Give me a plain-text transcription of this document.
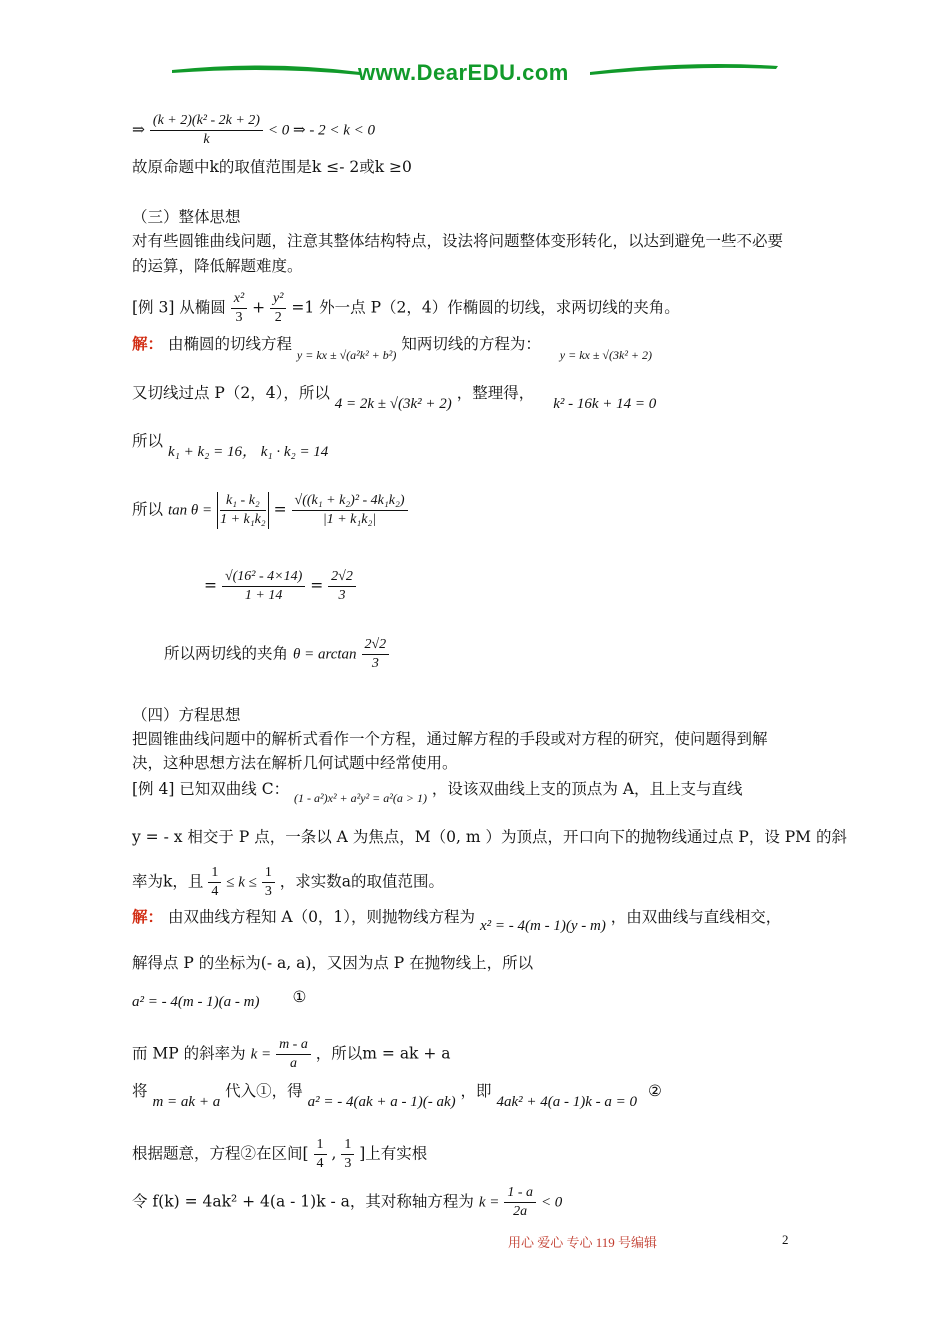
www.DearEDU.com
⇒ $\frac{\text{(k + 2)(k² - 2k + 2)}}{k} < 0$ ⇒ - 2 < k < 0
故原命题中k的取值范围是k ≤- 2或k ≥0
（三）整体思想
对有些圆锥曲线问题，注意其整体结构特点，设法将问题整体变形转化，以达到避免一些不必要
的运算，降低解题难度。
[例 3] 从椭圆 $\frac{\text{x²}}{3} + \frac{\text{y²}}{2} =1$ 外一点 P（2，4）作椭圆的切线，求两切线的夹角。
解： 由椭圆的切线方程 $_{y = kx \pm √(a^2k^2 + b^2)}$ 知两切线的方程为： $_{y = kx \pm √(3k^2 + 2)}$
又切线过点 P（2，4），所以 4 = 2k ± √(3k² + 2) ，整理得， k² - 16k + 14 = 0
所以 k₁ + k₂ = 16， k₁ · k₂ = 14
所以 $\tan \theta = \frac{\text{k₁ - k₂}}{\text{1 + k₁k₂}} = \frac{\text{√((k₁ + k₂)² - 4k₁k₂)}}{\text{|1 + k₁k₂|}}$
= $\frac{\text{√(16² - 4×14)}}{1 + 14} = \frac{2√2}{3}$
所以两切线的夹角 $\theta = \arctan \frac{2√2}{3}$
（四）方程思想
把圆锥曲线问题中的解析式看作一个方程，通过解方程的手段或对方程的研究，使问题得到解
决，这种思想方法在解析几何试题中经常使用。
[例 4] 已知双曲线 C： $_{(1 - a^2)x^2 + a^2y^2 = a^2(a > 1)}$ ，设该双曲线上支的顶点为 A，且上支与直线
y = - x 相交于 P 点，一条以 A 为焦点，M（0, m ）为顶点，开口向下的抛物线通过点 P，设 PM 的斜
率为k，且 $\frac{1}{4} \le k \le \frac{1}{3}$ ，求实数a的取值范围。
解： 由双曲线方程知 A（0，1），则抛物线方程为 x² = - 4(m - 1)(y - m) ，由双曲线与直线相交，
解得点 P 的坐标为(- a, a)，又因为点 P 在抛物线上，所以
a² = - 4(m - 1)(a - m) ①
而 MP 的斜率为 $k = \frac{m - a}{a}$ ，所以m = ak + a
将 m = ak + a 代入①，得 a² = - 4(ak + a - 1)(- ak) ，即 4ak² + 4(a - 1)k - a = 0 ②
根据题意，方程②在区间[ $\frac{1}{4}$ , $\frac{1}{3}$ ]上有实根
令 f(k) = 4ak² + 4(a - 1)k - a，其对称轴方程为 $k = \frac{1 - a}{2a} < 0$
用心 爱心 专心 119 号编辑	2
